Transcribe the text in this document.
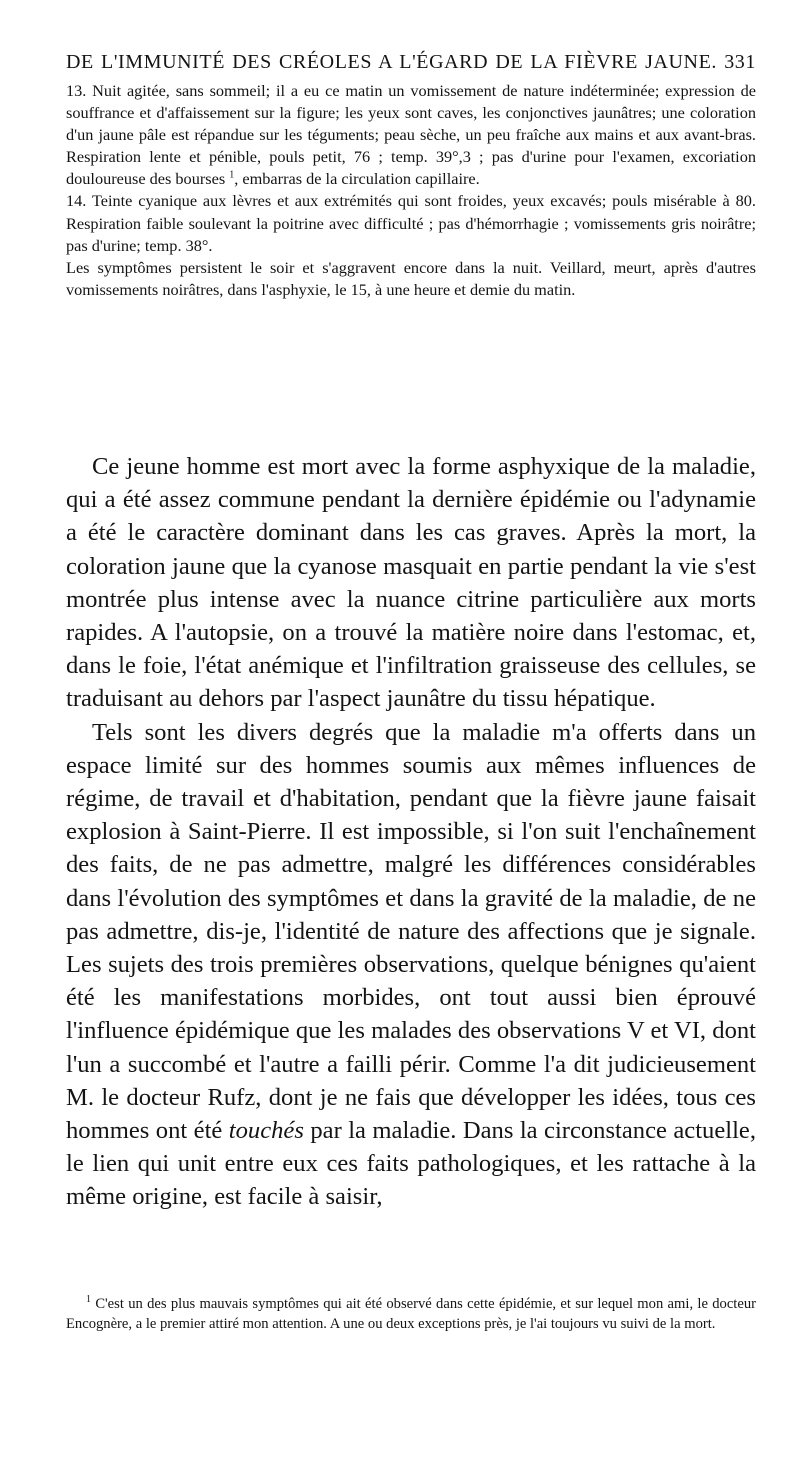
DE L'IMMUNITÉ DES CRÉOLES A L'ÉGARD DE LA FIÈVRE JAUNE. 331

13. Nuit agitée, sans sommeil; il a eu ce matin un vomissement de nature indéterminée; expression de souffrance et d'affaissement sur la figure; les yeux sont caves, les conjonctives jaunâtres; une coloration d'un jaune pâle est répandue sur les téguments; peau sèche, un peu fraîche aux mains et aux avant-bras. Respiration lente et pénible, pouls petit, 76 ; temp. 39°,3 ; pas d'urine pour l'examen, excoriation douloureuse des bourses $^1$, embarras de la circulation capillaire.

14. Teinte cyanique aux lèvres et aux extrémités qui sont froides, yeux excavés; pouls misérable à 80. Respiration faible soulevant la poitrine avec difficulté ; pas d'hémorrhagie ; vomissements gris noirâtre; pas d'urine; temp. 38°.

Les symptômes persistent le soir et s'aggravent encore dans la nuit. Veillard, meurt, après d'autres vomissements noirâtres, dans l'asphyxie, le 15, à une heure et demie du matin.

Ce jeune homme est mort avec la forme asphyxique de la maladie, qui a été assez commune pendant la dernière épidémie ou l'adynamie a été le caractère dominant dans les cas graves. Après la mort, la coloration jaune que la cyanose masquait en partie pendant la vie s'est montrée plus intense avec la nuance citrine particulière aux morts rapides. A l'autopsie, on a trouvé la matière noire dans l'estomac, et, dans le foie, l'état anémique et l'infiltration graisseuse des cellules, se traduisant au dehors par l'aspect jaunâtre du tissu hépatique.

Tels sont les divers degrés que la maladie m'a offerts dans un espace limité sur des hommes soumis aux mêmes influences de régime, de travail et d'habitation, pendant que la fièvre jaune faisait explosion à Saint-Pierre. Il est impossible, si l'on suit l'enchaînement des faits, de ne pas admettre, malgré les différences considérables dans l'évolution des symptômes et dans la gravité de la maladie, de ne pas admettre, dis-je, l'identité de nature des affections que je signale. Les sujets des trois premières observations, quelque bénignes qu'aient été les manifestations morbides, ont tout aussi bien éprouvé l'influence épidémique que les malades des observations V et VI, dont l'un a succombé et l'autre a failli périr. Comme l'a dit judicieusement M. le docteur Rufz, dont je ne fais que développer les idées, tous ces hommes ont été touchés par la maladie. Dans la circonstance actuelle, le lien qui unit entre eux ces faits pathologiques, et les rattache à la même origine, est facile à saisir,

$^1$ C'est un des plus mauvais symptômes qui ait été observé dans cette épidémie, et sur lequel mon ami, le docteur Encognère, a le premier attiré mon attention. A une ou deux exceptions près, je l'ai toujours vu suivi de la mort.
